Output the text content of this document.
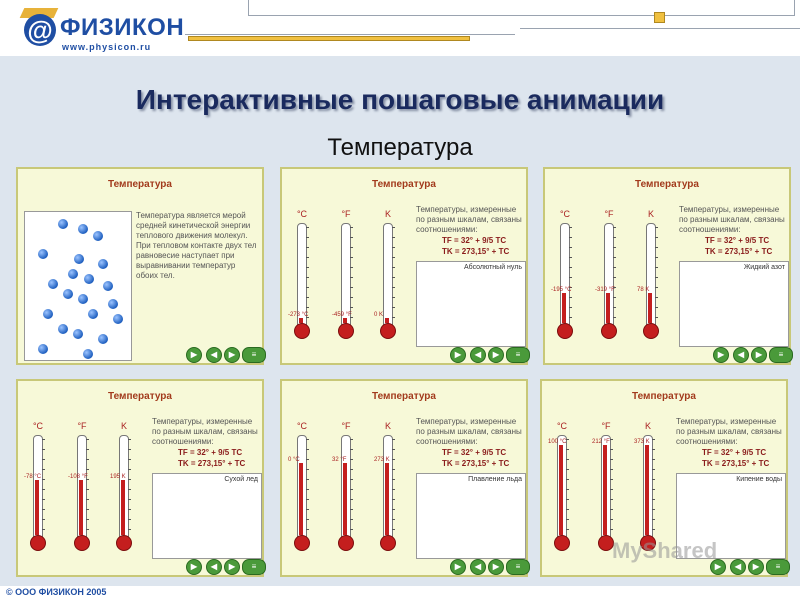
@ ФИЗИКОН
www.physicon.ru
Интерактивные пошаговые анимации
Температура
Температура
Температура является мерой средней кинетической энергии теплового движения молекул. При тепловом контакте двух тел равновесие наступает при выравнивании температур обоих тел.
▶	◀	▶	≡
Температура
Температуры, измеренные по разным шкалам, связаны соотношениями:
TF = 32° + 9/5 TC
TK = 273,15° + TC
Абсолютный нуль
▶	◀	▶	≡
°C
-273 °C
°F
-459 °F
K
0 K
Температура
Температуры, измеренные по разным шкалам, связаны соотношениями:
TF = 32° + 9/5 TC
TK = 273,15° + TC
Жидкий азот
▶	◀	▶	≡
°C
-195 °C
°F
-319 °F
K
78 K
Температура
Температуры, измеренные по разным шкалам, связаны соотношениями:
TF = 32° + 9/5 TC
TK = 273,15° + TC
Сухой лед
▶	◀	▶	≡
°C
-78 °C
°F
-108 °F
K
195 K
Температура
Температуры, измеренные по разным шкалам, связаны соотношениями:
TF = 32° + 9/5 TC
TK = 273,15° + TC
Плавление льда
▶	◀	▶	≡
°C
0 °C
°F
32 °F
K
273 K
Температура
Температуры, измеренные по разным шкалам, связаны соотношениями:
TF = 32° + 9/5 TC
TK = 273,15° + TC
Кипение воды
▶	◀	▶	≡
°C
100 °C
°F
212 °F
K
373 K
MyShared
© ООО ФИЗИКОН 2005
